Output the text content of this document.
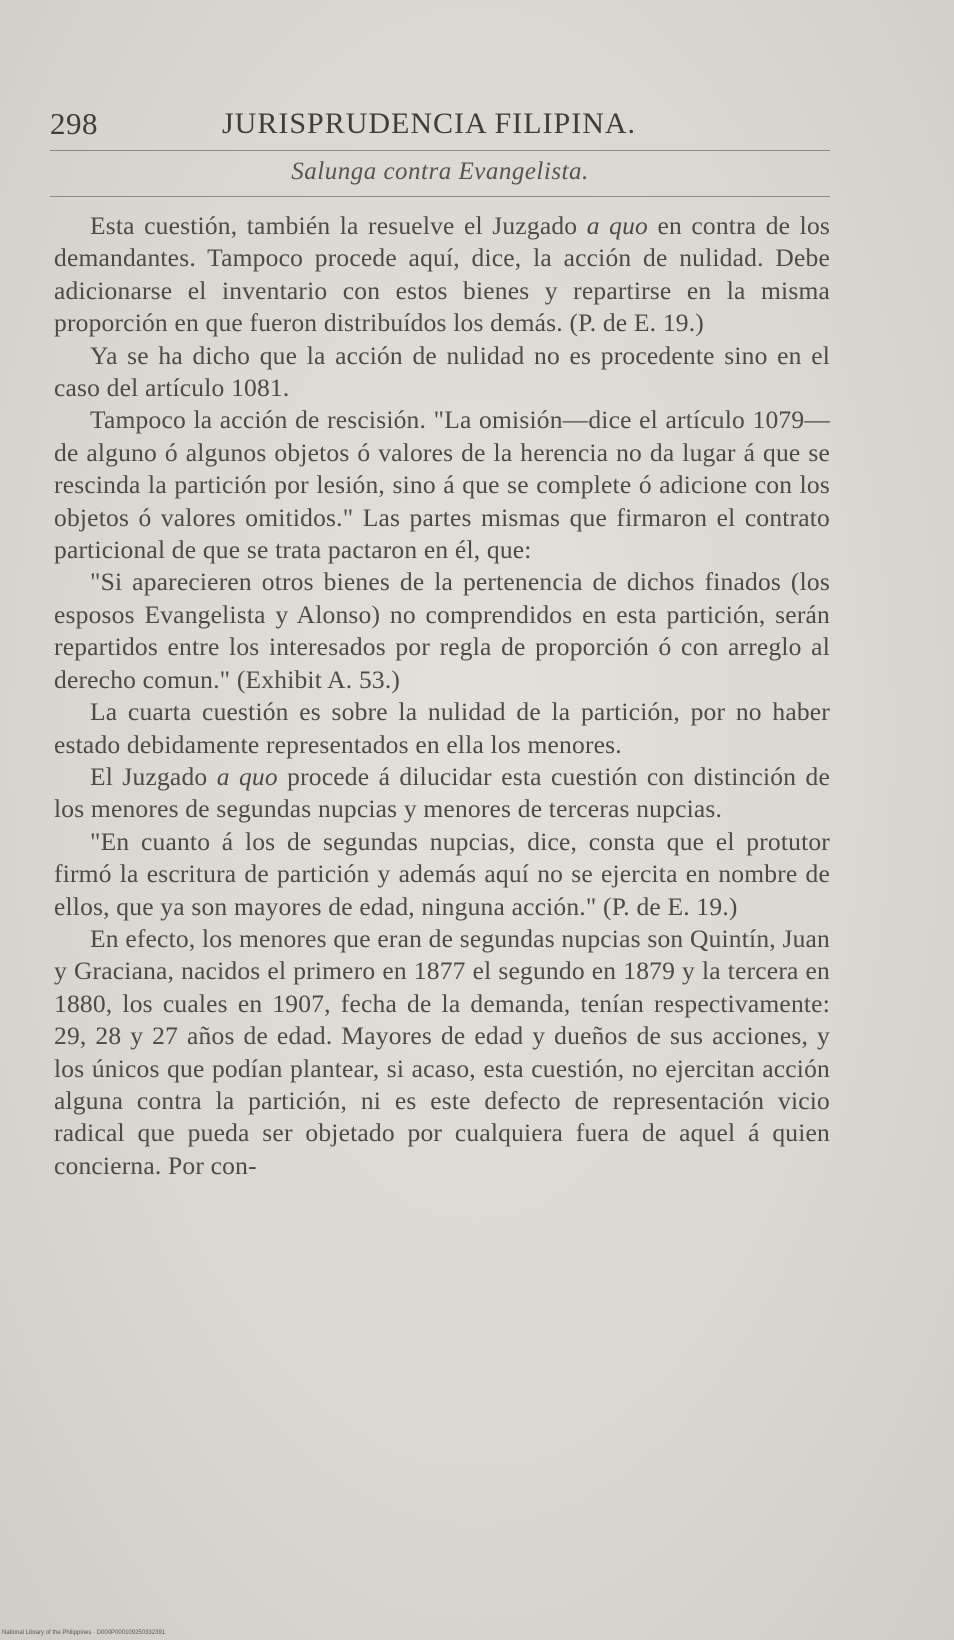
298	JURISPRUDENCIA FILIPINA.
Salunga contra Evangelista.

Esta cuestión, también la resuelve el Juzgado a quo en contra de los demandantes. Tampoco procede aquí, dice, la acción de nulidad. Debe adicionarse el inventario con estos bienes y repartirse en la misma proporción en que fueron distribuídos los demás. (P. de E. 19.)

Ya se ha dicho que la acción de nulidad no es procedente sino en el caso del artículo 1081.

Tampoco la acción de rescisión. "La omisión—dice el artículo 1079—de alguno ó algunos objetos ó valores de la herencia no da lugar á que se rescinda la partición por lesión, sino á que se complete ó adicione con los objetos ó valores omitidos." Las partes mismas que firmaron el contrato particional de que se trata pactaron en él, que:

"Si aparecieren otros bienes de la pertenencia de dichos finados (los esposos Evangelista y Alonso) no comprendidos en esta partición, serán repartidos entre los interesados por regla de proporción ó con arreglo al derecho comun." (Exhibit A. 53.)

La cuarta cuestión es sobre la nulidad de la partición, por no haber estado debidamente representados en ella los menores.

El Juzgado a quo procede á dilucidar esta cuestión con distinción de los menores de segundas nupcias y menores de terceras nupcias.

"En cuanto á los de segundas nupcias, dice, consta que el protutor firmó la escritura de partición y además aquí no se ejercita en nombre de ellos, que ya son mayores de edad, ninguna acción." (P. de E. 19.)

En efecto, los menores que eran de segundas nupcias son Quintín, Juan y Graciana, nacidos el primero en 1877 el segundo en 1879 y la tercera en 1880, los cuales en 1907, fecha de la demanda, tenían respectivamente: 29, 28 y 27 años de edad. Mayores de edad y dueños de sus acciones, y los únicos que podían plantear, si acaso, esta cuestión, no ejercitan acción alguna contra la partición, ni es este defecto de representación vicio radical que pueda ser objetado por cualquiera fuera de aquel á quien concierna. Por con-

National Library of the Philippines · D000P000109250332391
